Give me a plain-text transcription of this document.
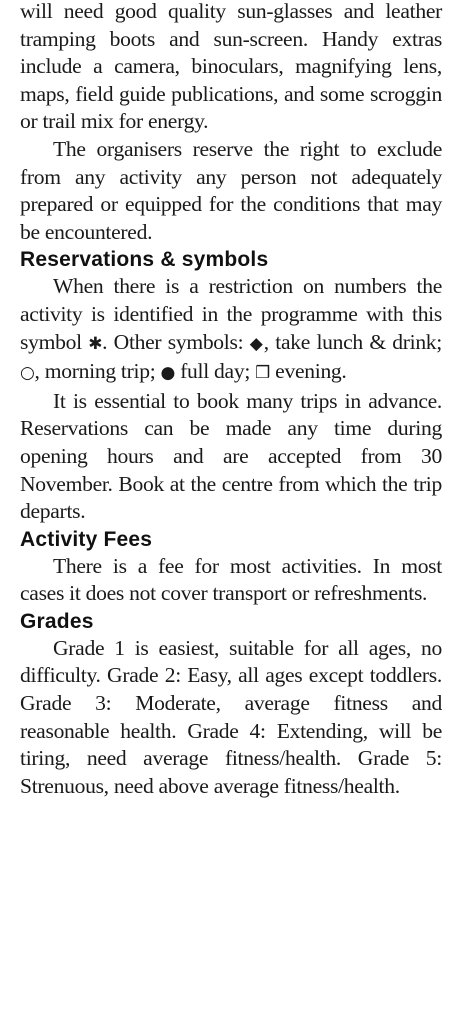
will need good quality sun-glasses and leather tramping boots and sun-screen. Handy extras include a camera, binoculars, magnifying lens, maps, field guide publications, and some scroggin or trail mix for energy.

The organisers reserve the right to exclude from any activity any person not adequately prepared or equipped for the conditions that may be encountered.

Reservations & symbols

When there is a restriction on numbers the activity is identified in the programme with this symbol ✱. Other symbols: ◆, take lunch & drink; ○, morning trip; ● full day; ❒ evening.

It is essential to book many trips in advance. Reservations can be made any time during opening hours and are accepted from 30 November. Book at the centre from which the trip departs.

Activity Fees

There is a fee for most activities. In most cases it does not cover transport or refreshments.

Grades

Grade 1 is easiest, suitable for all ages, no difficulty. Grade 2: Easy, all ages except toddlers. Grade 3: Moderate, average fitness and reasonable health. Grade 4: Extending, will be tiring, need average fitness/health. Grade 5: Strenuous, need above average fitness/health.
